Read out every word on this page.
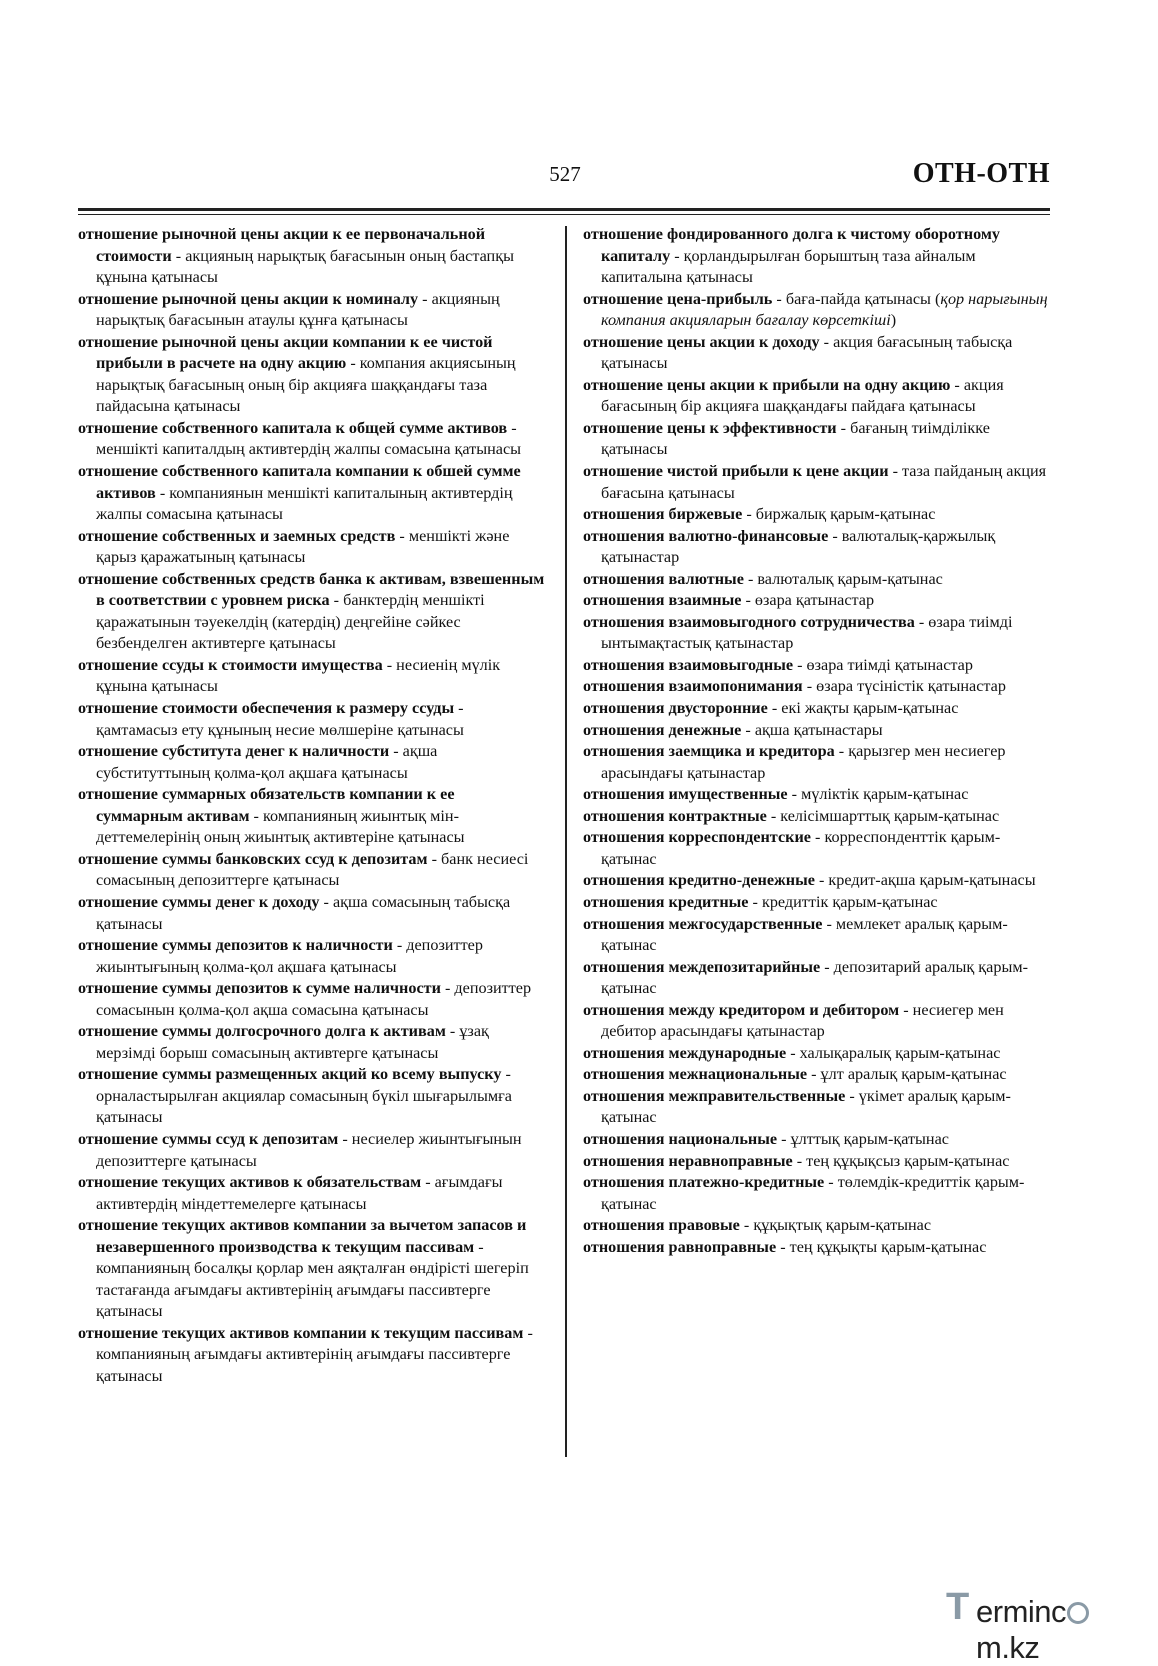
527	ОТН-ОТН

отношение рыночной цены акции к ее первоначальной стоимости - акцияның нарықтық бағасынын оның бастапқы құнына қатынасы

отношение рыночной цены акции к номиналу - акцияның нарықтық бағасынын атаулы құнға қатынасы

отношение рыночной цены акции компании к ее чистой прибыли в расчете на одну акцию - компания акциясының нарықтық бағасының оның бір акцияға шаққандағы таза пайдасына қатынасы

отношение собственного капитала к общей сумме активов - меншікті капиталдың активтердің жалпы сомасына қатынасы

отношение собственного капитала компании к обшей сумме активов - компаниянын меншікті капиталының активтердің жалпы сомасына қатынасы

отношение собственных и заемных средств - меншікті және қарыз қаражатының қатынасы

отношение собственных средств банка к активам, взвешенным в соответствии с уровнем риска - банктердің меншікті қаражатынын тәуекелдің (катердің) деңгейіне сәйкес безбенделген активтерге қатынасы

отношение ссуды к стоимости имущества - несиенің мүлік құнына қатынасы

отношение стоимости обеспечения к размеру ссуды - қамтамасыз ету құнының несие мөлшеріне қатынасы

отношение субститута денег к наличности - ақша субституттының қолма-қол ақшаға қатынасы

отношение суммарных обязательств компании к ее суммарным активам - компанияның жиынтық міндеттемелерінің оның жиынтық активтеріне қатынасы

отношение суммы банковских ссуд к депозитам - банк несиесі сомасының депозиттерге қатынасы

отношение суммы денег к доходу - ақша сомасының табысқа қатынасы

отношение суммы депозитов к наличности - депозиттер жиынтығының қолма-қол ақшаға қатынасы

отношение суммы депозитов к сумме наличности - депозиттер сомасынын қолма-қол ақша сомасына қатынасы

отношение суммы долгосрочного долга к активам - ұзақ мерзімді борыш сомасының активтерге қатынасы

отношение суммы размещенных акций ко всему выпуску - орналастырылған акциялар сомасының бүкіл шығарылымға қатынасы

отношение суммы ссуд к депозитам - несиелер жиынтығынын депозиттерге қатынасы

отношение текущих активов к обязательствам - ағымдағы активтердің міндеттемелерге қатынасы

отношение текущих активов компании за вычетом запасов и незавершенного производства к текущим пассивам - компанияның босалқы қорлар мен аяқталған өндірісті шегеріп тастағанда ағымдағы активтерінің ағымдағы пассивтерге қатынасы

отношение текущих активов компании к текущим пассивам - компанияның ағымдағы активтерінің ағымдағы пассивтерге қатынасы

отношение фондированного долга к чистому оборотному капиталу - қорландырылған борыштың таза айналым капиталына қатынасы

отношение цена-прибыль - баға-пайда қатынасы (қор нарығының компания акцияларын бағалау көрсеткіші)

отношение цены акции к доходу - акция бағасының табысқа қатынасы

отношение цены акции к прибыли на одну акцию - акция бағасының бір акцияға шаққандағы пайдаға қатынасы

отношение цены к эффективности - бағаның тиімділікке қатынасы

отношение чистой прибыли к цене акции - таза пайданың акция бағасына қатынасы

отношения биржевые - биржалық қарым-қатынас

отношения валютно-финансовые - валюталық-қаржылық қатынастар

отношения валютные - валюталық қарым-қатынас

отношения взаимные - өзара қатынастар

отношения взаимовыгодного сотрудничества - өзара тиімді ынтымақтастық қатынастар

отношения взаимовыгодные - өзара тиімді қатынастар

отношения взаимопонимания - өзара түсіністік қатынастар

отношения двусторонние - екі жақты қарым-қатынас

отношения денежные - ақша қатынастары

отношения заемщика и кредитора - қарызгер мен несиегер арасындағы қатынастар

отношения имущественные - мүліктік қарым-қатынас

отношения контрактные - келісімшарттық қарым-қатынас

отношения корреспондентские - корреспонденттік қарым-қатынас

отношения кредитно-денежные - кредит-ақша қарым-қатынасы

отношения кредитные - кредиттік қарым-қатынас

отношения межгосударственные - мемлекет аралық қарым-қатынас

отношения междепозитарийные - депозитарий аралық қарым-қатынас

отношения между кредитором и дебитором - несиегер мен дебитор арасындағы қатынастар

отношения международные - халықаралық қарым-қатынас

отношения межнациональные - ұлт аралық қарым-қатынас

отношения межправительственные - үкімет аралық қарым-қатынас

отношения национальные - ұлттық қарым-қатынас

отношения неравноправные - тең құқықсыз қарым-қатынас

отношения платежно-кредитные - төлемдік-кредиттік қарым-қатынас

отношения правовые - құқықтық қарым-қатынас

отношения равноправные - тең құқықты қарым-қатынас

T ermincm.kz
